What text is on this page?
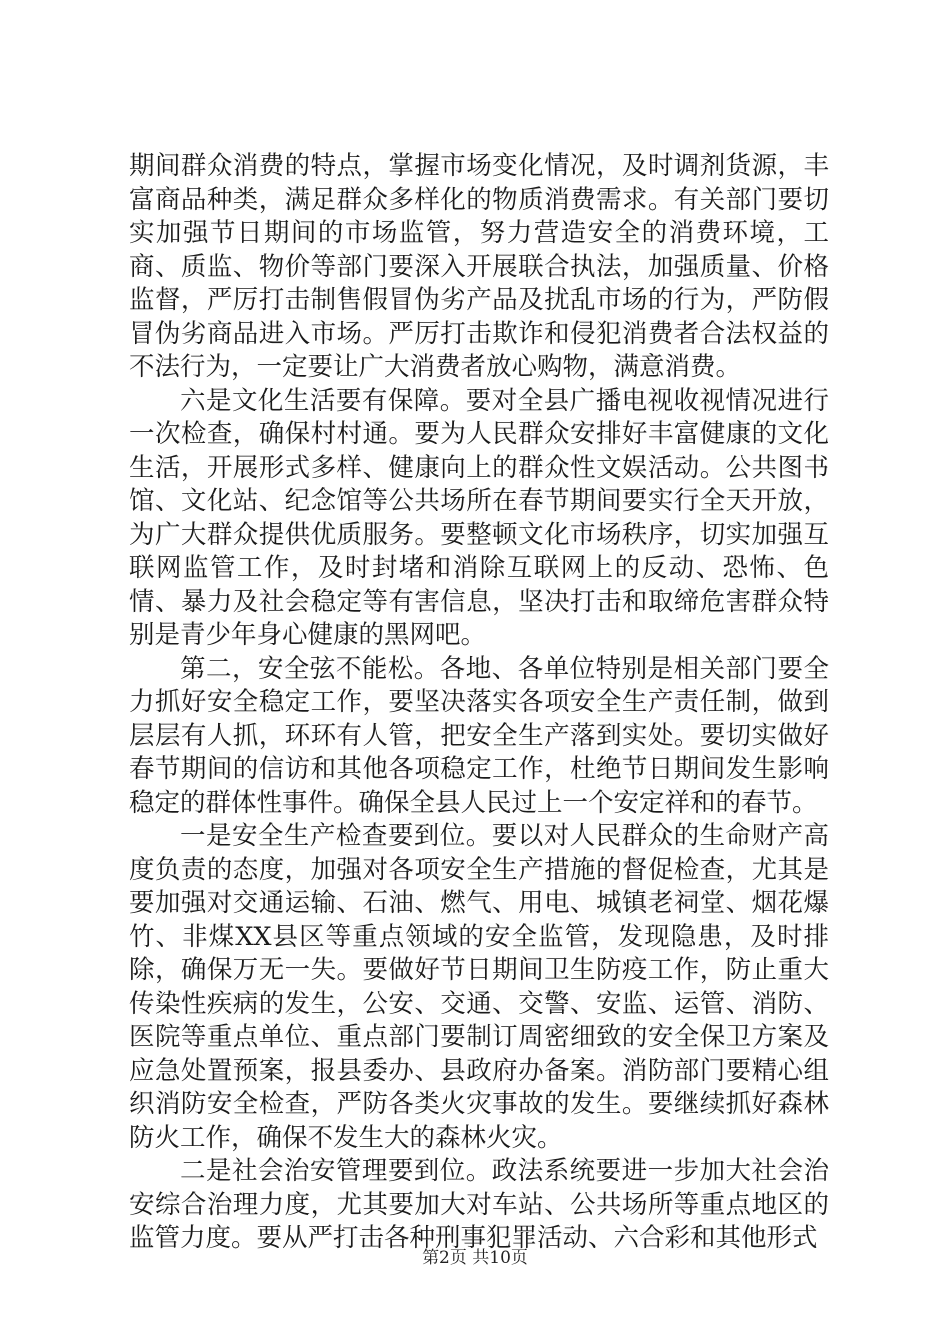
期间群众消费的特点，掌握市场变化情况，及时调剂货源，丰富商品种类，满足群众多样化的物质消费需求。有关部门要切实加强节日期间的市场监管，努力营造安全的消费环境，工商、质监、物价等部门要深入开展联合执法，加强质量、价格监督，严厉打击制售假冒伪劣产品及扰乱市场的行为，严防假冒伪劣商品进入市场。严厉打击欺诈和侵犯消费者合法权益的不法行为，一定要让广大消费者放心购物，满意消费。

六是文化生活要有保障。要对全县广播电视收视情况进行一次检查，确保村村通。要为人民群众安排好丰富健康的文化生活，开展形式多样、健康向上的群众性文娱活动。公共图书馆、文化站、纪念馆等公共场所在春节期间要实行全天开放，为广大群众提供优质服务。要整顿文化市场秩序，切实加强互联网监管工作，及时封堵和消除互联网上的反动、恐怖、色情、暴力及社会稳定等有害信息，坚决打击和取缔危害群众特别是青少年身心健康的黑网吧。

第二，安全弦不能松。各地、各单位特别是相关部门要全力抓好安全稳定工作，要坚决落实各项安全生产责任制，做到层层有人抓，环环有人管，把安全生产落到实处。要切实做好春节期间的信访和其他各项稳定工作，杜绝节日期间发生影响稳定的群体性事件。确保全县人民过上一个安定祥和的春节。

一是安全生产检查要到位。要以对人民群众的生命财产高度负责的态度，加强对各项安全生产措施的督促检查，尤其是要加强对交通运输、石油、燃气、用电、城镇老祠堂、烟花爆竹、非煤XX县区等重点领域的安全监管，发现隐患，及时排除，确保万无一失。要做好节日期间卫生防疫工作，防止重大传染性疾病的发生，公安、交通、交警、安监、运管、消防、医院等重点单位、重点部门要制订周密细致的安全保卫方案及应急处置预案，报县委办、县政府办备案。消防部门要精心组织消防安全检查，严防各类火灾事故的发生。要继续抓好森林防火工作，确保不发生大的森林火灾。

二是社会治安管理要到位。政法系统要进一步加大社会治安综合治理力度，尤其要加大对车站、公共场所等重点地区的监管力度。要从严打击各种刑事犯罪活动、六合彩和其他形式

第2页 共10页
